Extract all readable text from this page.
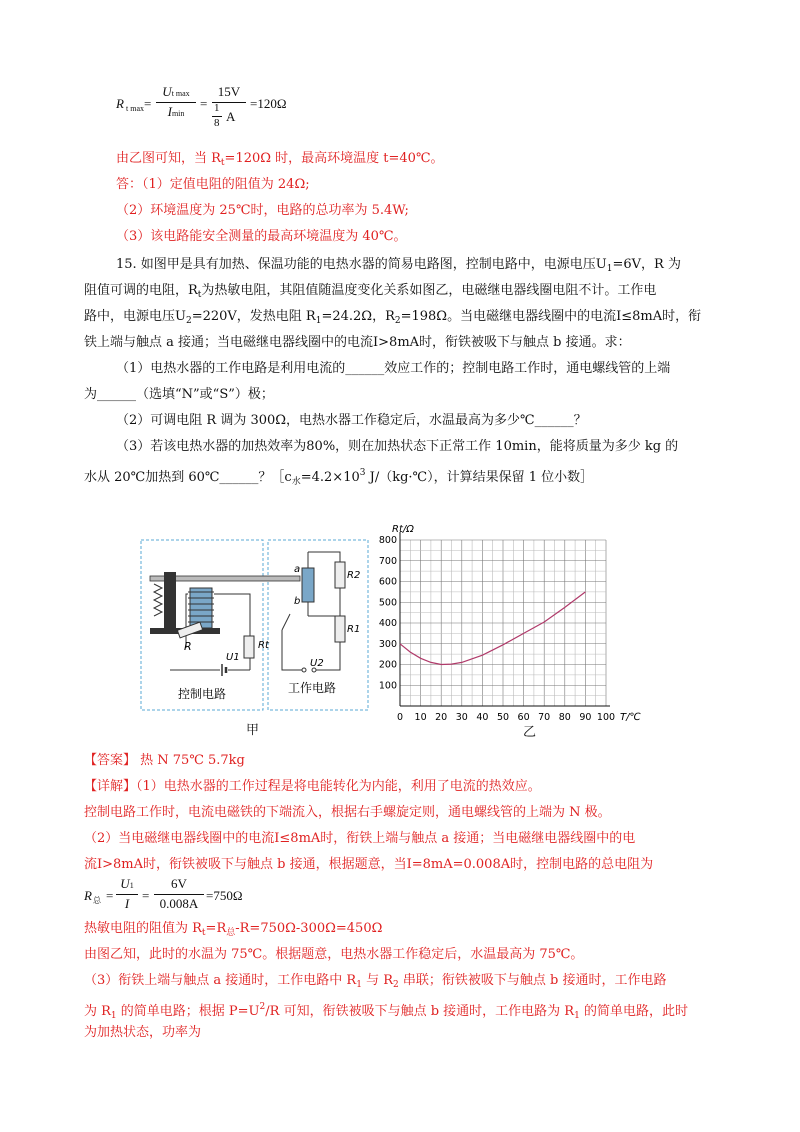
R t max =
Ut max
Imin
=
15V
1
8 A
=120Ω
由乙图可知，当 $R_t=120\Omega$ 时，最高环境温度 t=40℃。
答：（1）定值电阻的阻值为 24Ω;
（2）环境温度为 25℃时，电路的总功率为 5.4W;
（3）该电路能安全测量的最高环境温度为 40℃。
15. 如图甲是具有加热、保温功能的电热水器的简易电路图，控制电路中，电源电压$U_1=6V$，R 为
阻值可调的电阻，$R_t$为热敏电阻，其阻值随温度变化关系如图乙，电磁继电器线圈电阻不计。工作电
路中，电源电压$U_2=220V$，发热电阻 $R_1=24.2\Omega$，$R_2=198\Omega$。当电磁继电器线圈中的电流I≤8mA时，衔
铁上端与触点 a 接通；当电磁继电器线圈中的电流I>8mA时，衔铁被吸下与触点 b 接通。求：
（1）电热水器的工作电路是利用电流的______效应工作的；控制电路工作时，通电螺线管的上端
为______（选填“N”或“S”）极；
（2）可调电阻 R 调为 300Ω，电热水器工作稳定后，水温最高为多少℃______？
（3）若该电热水器的加热效率为80%，则在加热状态下正常工作 10min，能将质量为多少 kg 的
水从 20℃加热到 60℃______？$[c_水=4.2\times 10^3$ J/（kg·℃），计算结果保留 1 位小数］
R	Rt
U1
控制电路
a
b
R2
R1
U2
工作电路
甲
0 10 20 30 40 50 60 70 80 90 100
100
200
300
400
500
600
700
800
Rt/Ω
T/℃
乙
【答案】 热 N 75℃ 5.7kg
【详解】（1）电热水器的工作过程是将电能转化为内能，利用了电流的热效应。
控制电路工作时，电流电磁铁的下端流入，根据右手螺旋定则，通电螺线管的上端为 N 极。
（2）当电磁继电器线圈中的电流I≤8mA时，衔铁上端与触点 a 接通；当电磁继电器线圈中的电
流I>8mA时，衔铁被吸下与触点 b 接通，根据题意，当I=8mA=0.008A时，控制电路的总电阻为
R 总 =
U1
I
=
6V
0.008A
=750Ω
热敏电阻的阻值为 $R_t=R_总-R=750\Omega-300\Omega=450\Omega$
由图乙知，此时的水温为 75℃。根据题意，电热水器工作稳定后，水温最高为 75℃。
（3）衔铁上端与触点 a 接通时，工作电路中 $R_1$ 与 $R_2$ 串联；衔铁被吸下与触点 b 接通时，工作电路
为 $R_1$ 的简单电路；根据 $P=U^2/R$ 可知，衔铁被吸下与触点 b 接通时，工作电路为 $R_1$ 的简单电路，此时
为加热状态，功率为
